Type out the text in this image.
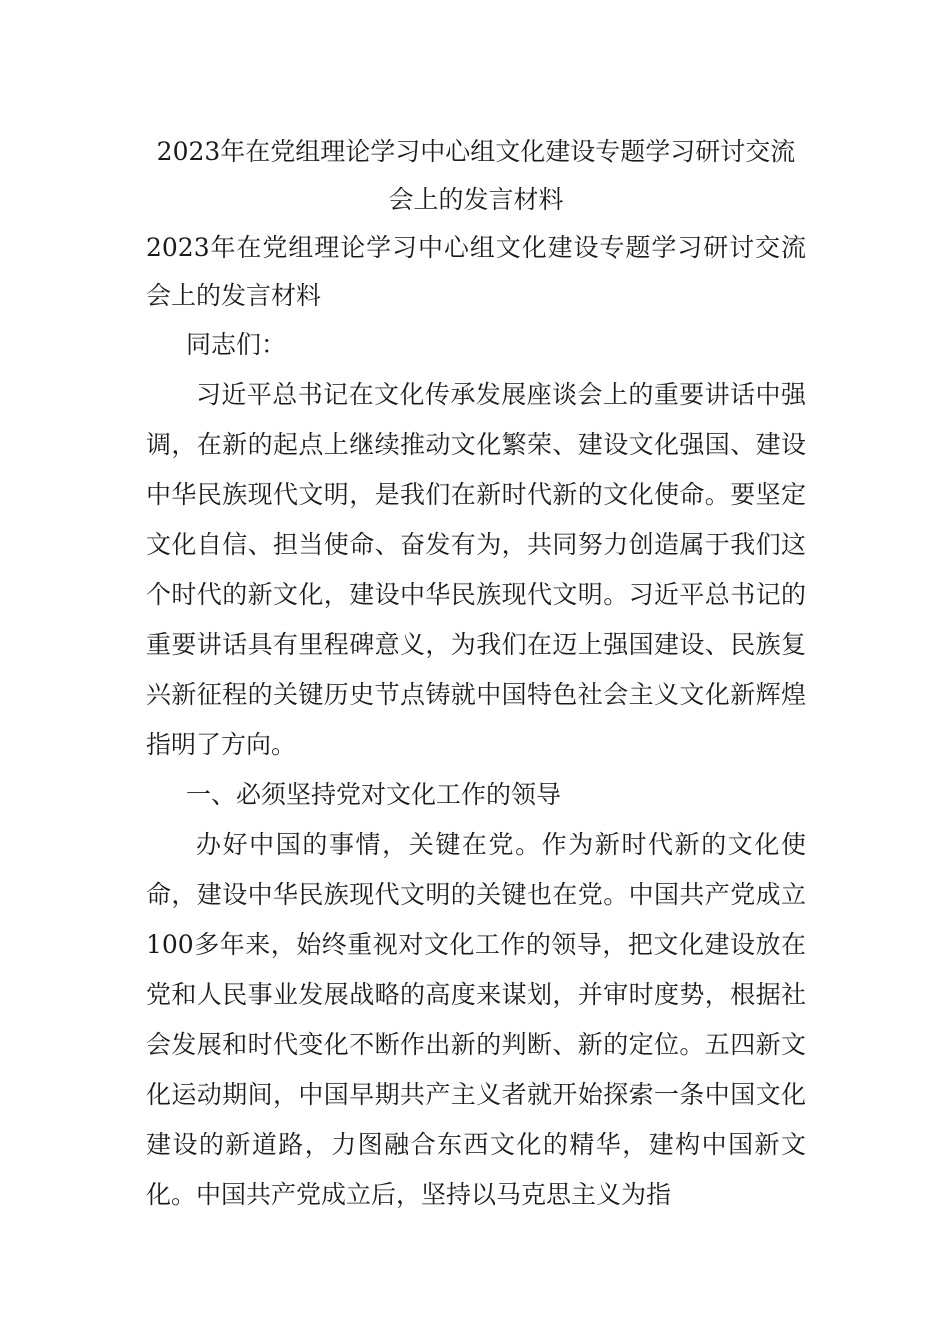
2023年在党组理论学习中心组文化建设专题学习研讨交流会上的发言材料
2023年在党组理论学习中心组文化建设专题学习研讨交流会上的发言材料

同志们：

习近平总书记在文化传承发展座谈会上的重要讲话中强调，在新的起点上继续推动文化繁荣、建设文化强国、建设中华民族现代文明，是我们在新时代新的文化使命。要坚定文化自信、担当使命、奋发有为，共同努力创造属于我们这个时代的新文化，建设中华民族现代文明。习近平总书记的重要讲话具有里程碑意义，为我们在迈上强国建设、民族复兴新征程的关键历史节点铸就中国特色社会主义文化新辉煌指明了方向。

一、必须坚持党对文化工作的领导

办好中国的事情，关键在党。作为新时代新的文化使命，建设中华民族现代文明的关键也在党。中国共产党成立100多年来，始终重视对文化工作的领导，把文化建设放在党和人民事业发展战略的高度来谋划，并审时度势，根据社会发展和时代变化不断作出新的判断、新的定位。五四新文化运动期间，中国早期共产主义者就开始探索一条中国文化建设的新道路，力图融合东西文化的精华，建构中国新文化。中国共产党成立后，坚持以马克思主义为指
